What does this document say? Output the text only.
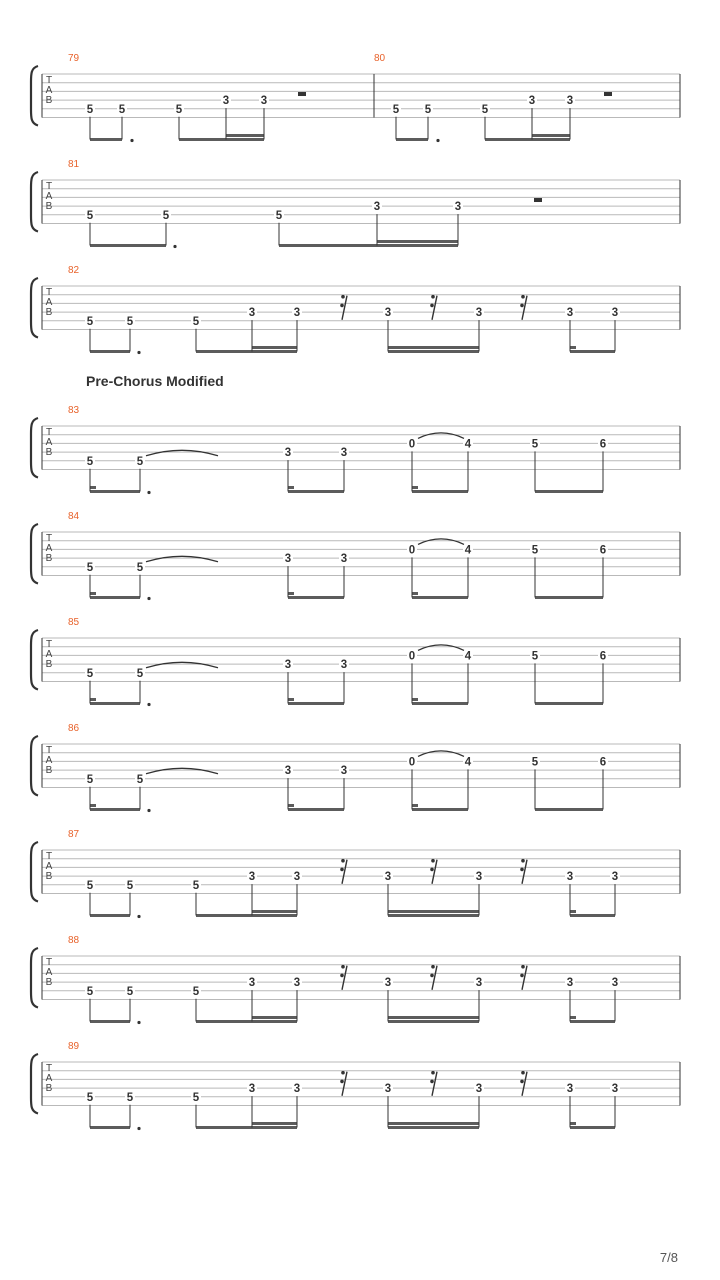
Pre-Chorus Modified
T
A
B
79
5 5	5
3	3
80
5 5	5
3	3
T
A
B
81
5	5	5
3	3
T
A
B
82
5	5	5
3	3	3	3	3	3
T
A
B
83
5	5
3	3
0	4	5	6
T
A
B
84
5	5
3	3
0	4	5	6
T
A
B
85
5	5
3	3
0	4	5	6
T
A
B
86
5	5
3	3
0	4	5	6
T
A
B
87
5	5	5
3	3	3	3	3	3
T
A
B
88
5	5	5
3	3	3	3	3	3
T
A
B
89
5	5	5
3	3	3	3	3	3
7/8
